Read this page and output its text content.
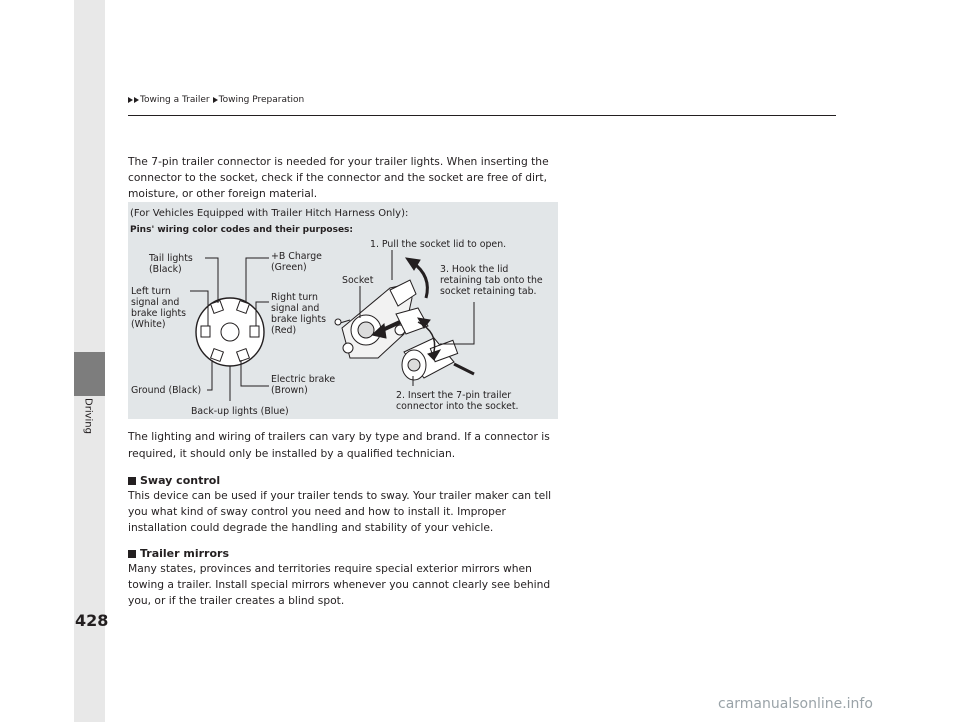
Driving
428
Towing a Trailer Towing Preparation

The 7-pin trailer connector is needed for your trailer lights. When inserting the connector to the socket, check if the connector and the socket are free of dirt, moisture, or other foreign material.

(For Vehicles Equipped with Trailer Hitch Harness Only):
Pins' wiring color codes and their purposes:
Tail lights
(Black)
+B Charge
(Green)
Left turn
signal and
brake lights
(White)
Right turn
signal and
brake lights
(Red)
Ground (Black)
Electric brake
(Brown)
Back-up lights (Blue)
Socket
1. Pull the socket lid to open.
2. Insert the 7-pin trailer
connector into the socket.
3. Hook the lid
retaining tab onto the
socket retaining tab.

The lighting and wiring of trailers can vary by type and brand. If a connector is required, it should only be installed by a qualified technician.

Sway control

This device can be used if your trailer tends to sway. Your trailer maker can tell you what kind of sway control you need and how to install it. Improper installation could degrade the handling and stability of your vehicle.

Trailer mirrors

Many states, provinces and territories require special exterior mirrors when towing a trailer. Install special mirrors whenever you cannot clearly see behind you, or if the trailer creates a blind spot.

carmanualsonline.info
